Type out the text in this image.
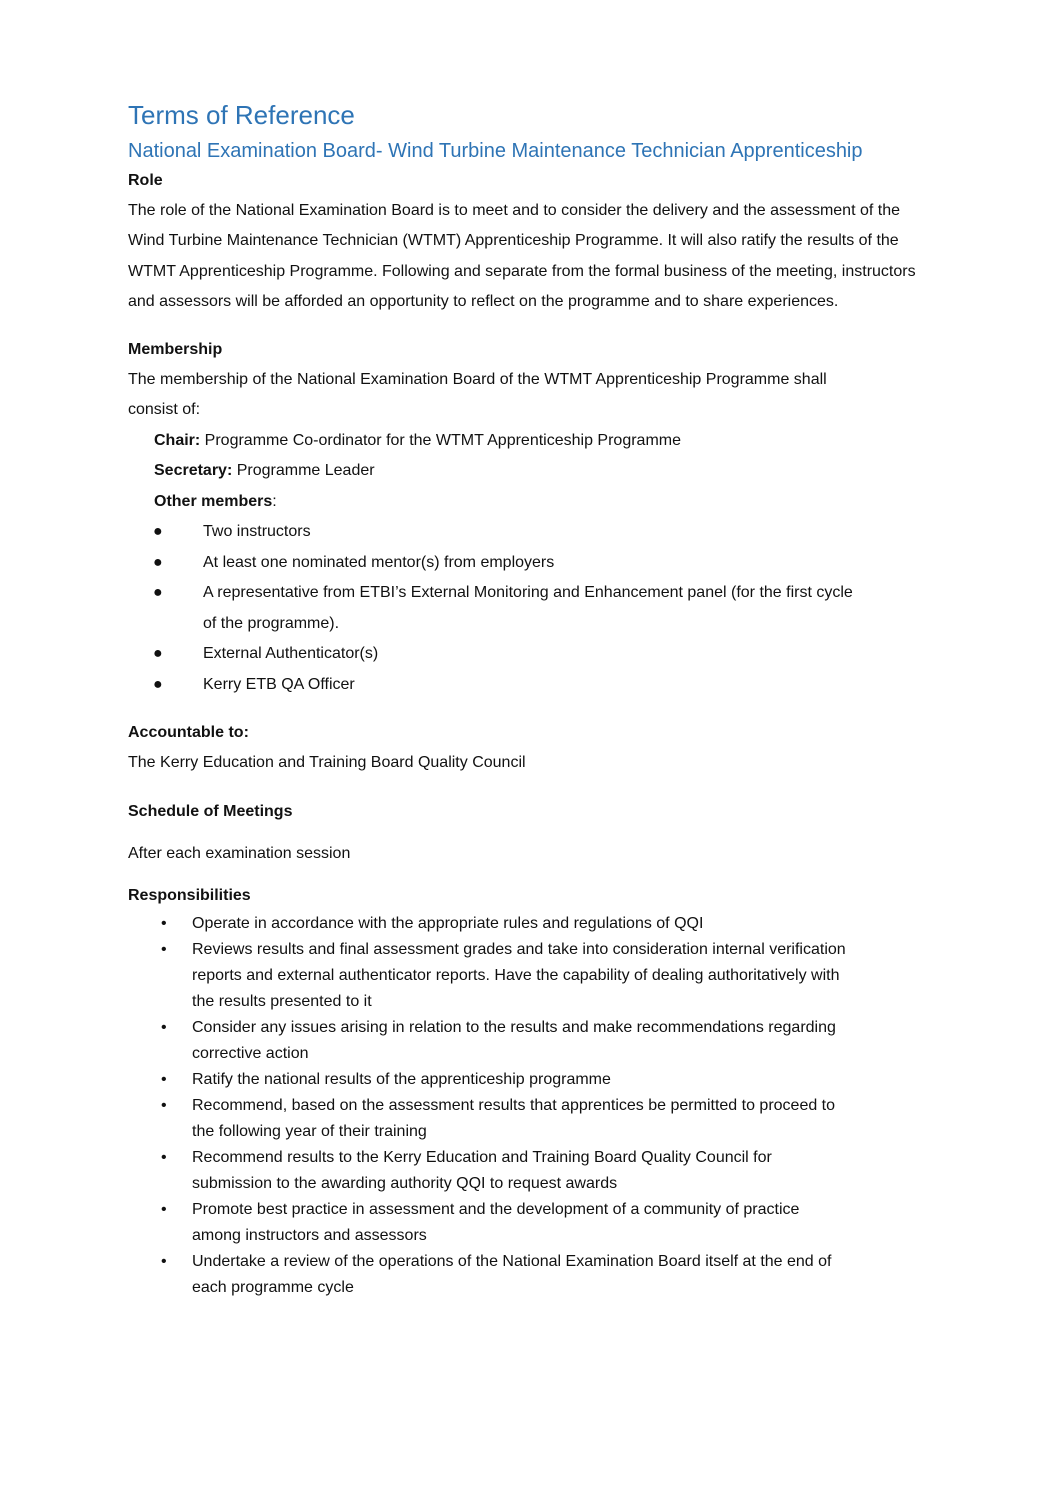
Terms of Reference
National Examination Board- Wind Turbine Maintenance Technician Apprenticeship

Role

The role of the National Examination Board is to meet and to consider the delivery and the assessment of the Wind Turbine Maintenance Technician (WTMT) Apprenticeship Programme. It will also ratify the results of the WTMT Apprenticeship Programme. Following and separate from the formal business of the meeting, instructors and assessors will be afforded an opportunity to reflect on the programme and to share experiences.

Membership

The membership of the National Examination Board of the WTMT Apprenticeship Programme shall consist of:

Chair: Programme Co-ordinator for the WTMT Apprenticeship Programme

Secretary: Programme Leader

Other members:

●	Two instructors
●	At least one nominated mentor(s) from employers
●	A representative from ETBI’s External Monitoring and Enhancement panel (for the first cycle of the programme).
●	External Authenticator(s)
●	Kerry ETB QA Officer

Accountable to:

The Kerry Education and Training Board Quality Council

Schedule of Meetings

After each examination session

Responsibilities

• Operate in accordance with the appropriate rules and regulations of QQI
• Reviews results and final assessment grades and take into consideration internal verification reports and external authenticator reports. Have the capability of dealing authoritatively with the results presented to it
• Consider any issues arising in relation to the results and make recommendations regarding corrective action
• Ratify the national results of the apprenticeship programme
• Recommend, based on the assessment results that apprentices be permitted to proceed to the following year of their training
• Recommend results to the Kerry Education and Training Board Quality Council for submission to the awarding authority QQI to request awards
• Promote best practice in assessment and the development of a community of practice among instructors and assessors
• Undertake a review of the operations of the National Examination Board itself at the end of each programme cycle
